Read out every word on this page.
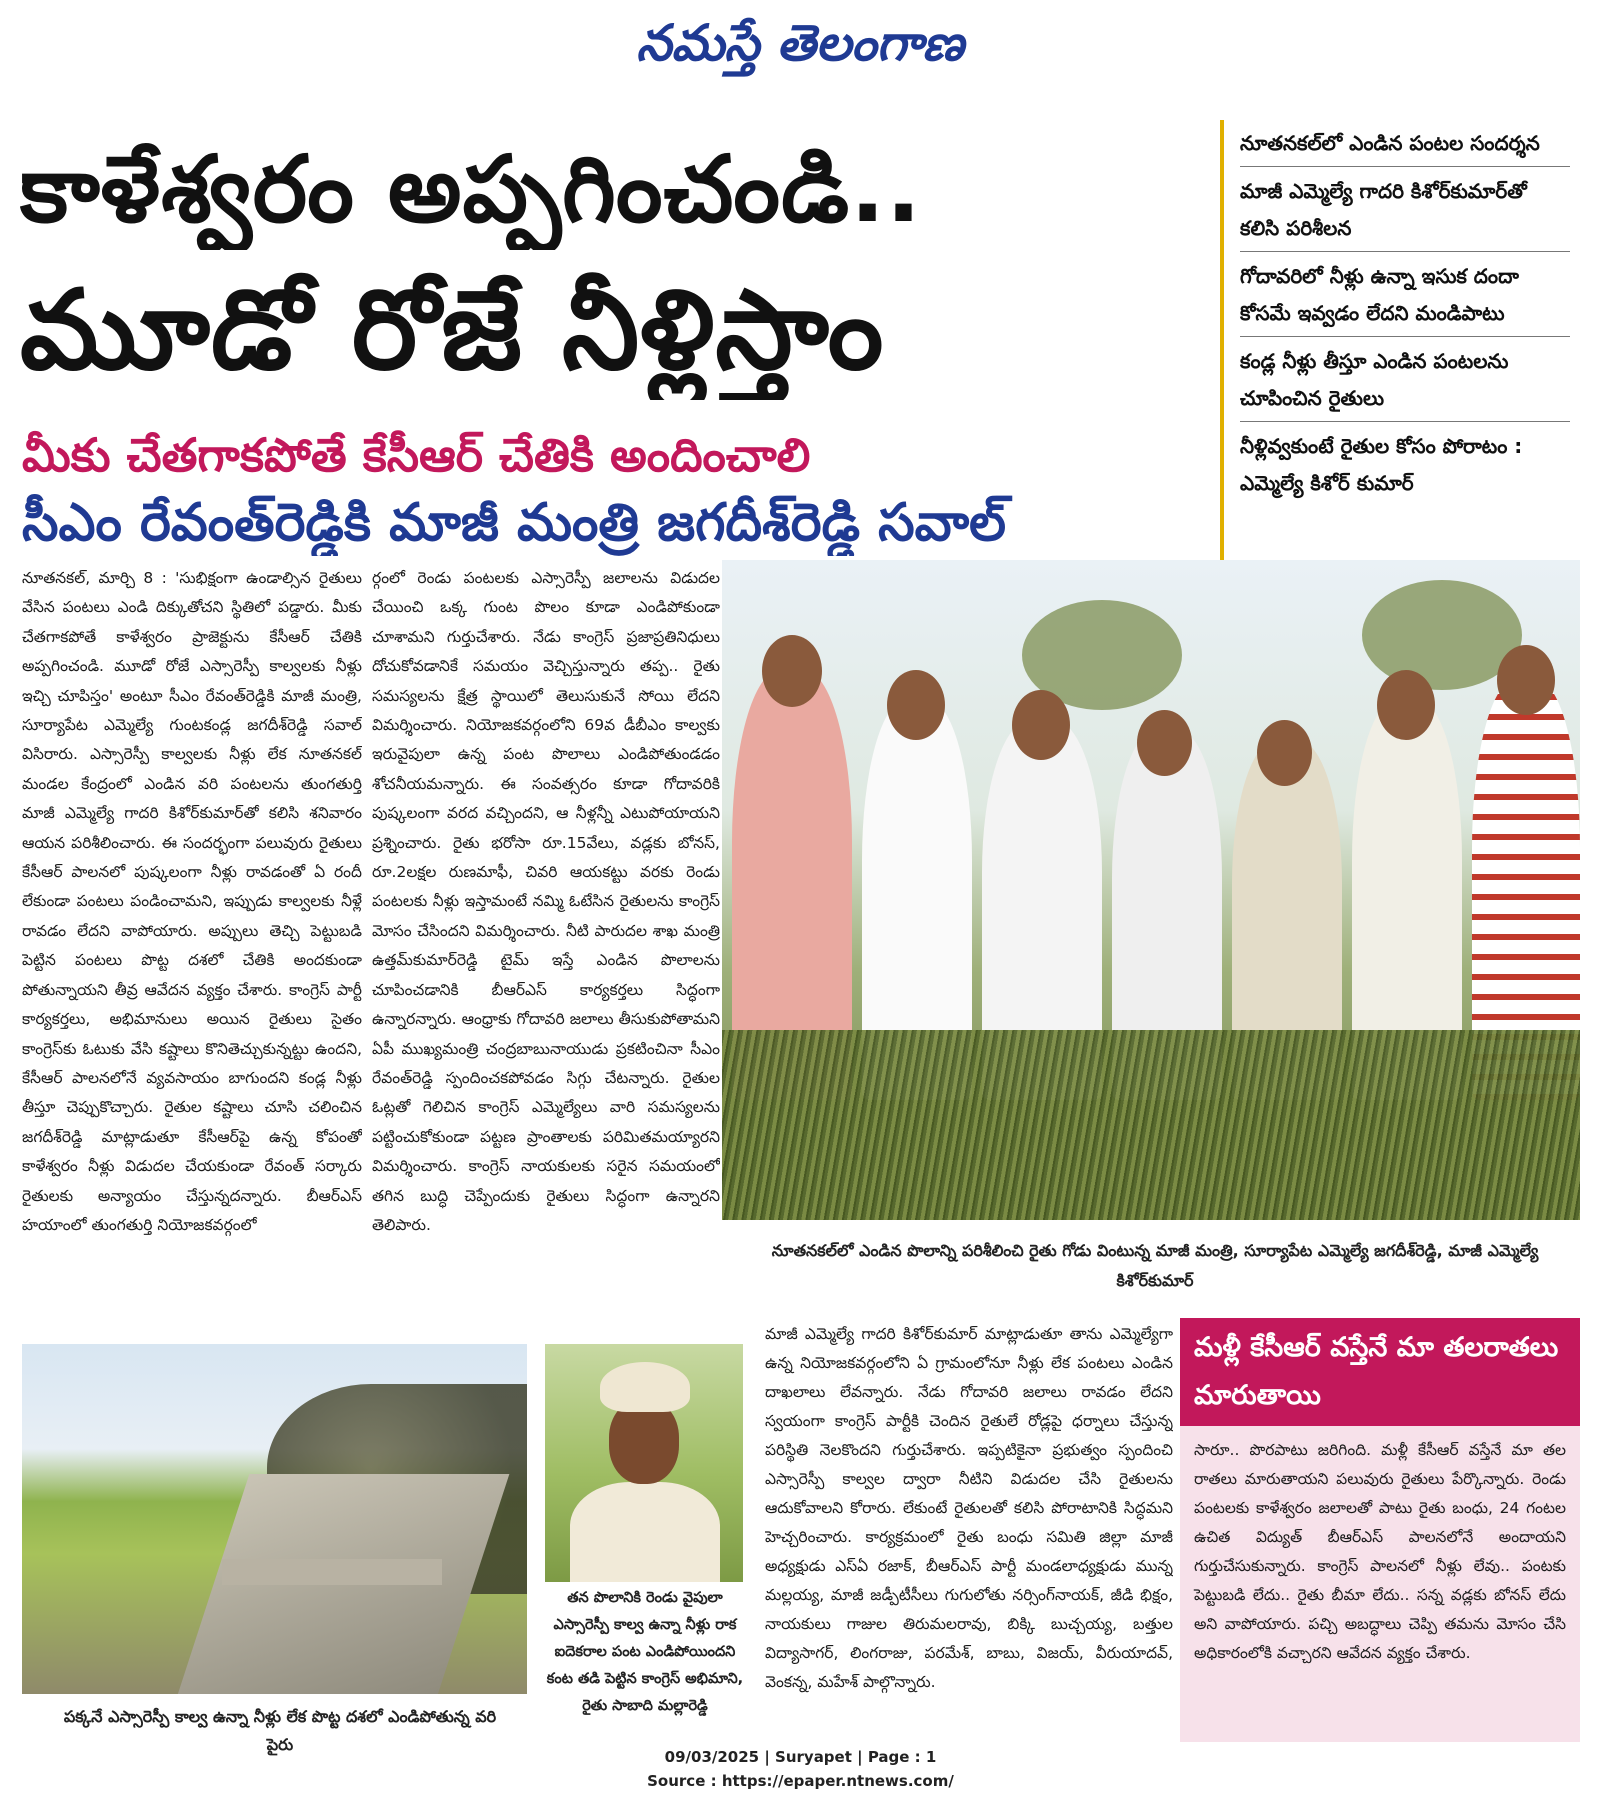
నమస్తే తెలంగాణ
కాళేశ్వరం అప్పగించండి..
మూడో రోజే నీళ్లిస్తాం
మీకు చేతగాకపోతే కేసీఆర్ చేతికి అందించాలి
సీఎం రేవంత్‌రెడ్డికి మాజీ మంత్రి జగదీశ్‌రెడ్డి సవాల్
నూతనకల్‌లో ఎండిన పంటల సందర్శన
మాజీ ఎమ్మెల్యే గాదరి కిశోర్‌కుమార్‌తో కలిసి పరిశీలన
గోదావరిలో నీళ్లు ఉన్నా ఇసుక దందా కోసమే ఇవ్వడం లేదని మండిపాటు
కండ్ల నీళ్లు తీస్తూ ఎండిన పంటలను చూపించిన రైతులు
నీళ్లివ్వకుంటే రైతుల కోసం పోరాటం : ఎమ్మెల్యే కిశోర్ కుమార్
నూతనకల్, మార్చి 8 : 'సుభిక్షంగా ఉండాల్సిన రైతులు వేసిన పంటలు ఎండి దిక్కుతోచని స్థితిలో పడ్డారు. మీకు చేతగాకపోతే కాళేశ్వరం ప్రాజెక్టును కేసీఆర్ చేతికి అప్పగించండి. మూడో రోజే ఎస్సారెస్పీ కాల్వలకు నీళ్లు ఇచ్చి చూపిస్తం' అంటూ సీఎం రేవంత్‌రెడ్డికి మాజీ మంత్రి, సూర్యాపేట ఎమ్మెల్యే గుంటకండ్ల జగదీశ్‌రెడ్డి సవాల్ విసిరారు. ఎస్సారెస్పీ కాల్వలకు నీళ్లు లేక నూతనకల్ మండల కేంద్రంలో ఎండిన వరి పంటలను తుంగతుర్తి మాజీ ఎమ్మెల్యే గాదరి కిశోర్‌కుమార్‌తో కలిసి శనివారం ఆయన పరిశీలించారు. ఈ సందర్భంగా పలువురు రైతులు కేసీఆర్ పాలనలో పుష్కలంగా నీళ్లు రావడంతో ఏ రందీ లేకుండా పంటలు పండించామని, ఇప్పుడు కాల్వలకు నీళ్లే రావడం లేదని వాపోయారు. అప్పులు తెచ్చి పెట్టుబడి పెట్టిన పంటలు పొట్ట దశలో చేతికి అందకుండా పోతున్నాయని తీవ్ర ఆవేదన వ్యక్తం చేశారు. కాంగ్రెస్ పార్టీ కార్యకర్తలు, అభిమానులు అయిన రైతులు సైతం కాంగ్రెస్‌కు ఓటుకు వేసి కష్టాలు కొనితెచ్చుకున్నట్టు ఉందని, కేసీఆర్ పాలనలోనే వ్యవసాయం బాగుందని కండ్ల నీళ్లు తీస్తూ చెప్పుకొచ్చారు. రైతుల కష్టాలు చూసి చలించిన జగదీశ్‌రెడ్డి మాట్లాడుతూ కేసీఆర్‌పై ఉన్న కోపంతో కాళేశ్వరం నీళ్లు విడుదల చేయకుండా రేవంత్ సర్కారు రైతులకు అన్యాయం చేస్తున్నదన్నారు. బీఆర్‌ఎస్ హయాంలో తుంగతుర్తి నియోజకవర్గంలో
ర్గంలో రెండు పంటలకు ఎస్సారెస్పీ జలాలను విడుదల చేయించి ఒక్క గుంట పొలం కూడా ఎండిపోకుండా చూశామని గుర్తుచేశారు. నేడు కాంగ్రెస్ ప్రజాప్రతినిధులు దోచుకోవడానికే సమయం వెచ్చిస్తున్నారు తప్ప.. రైతు సమస్యలను క్షేత్ర స్థాయిలో తెలుసుకునే సోయి లేదని విమర్శించారు. నియోజకవర్గంలోని 69వ డీబీఎం కాల్వకు ఇరువైపులా ఉన్న పంట పొలాలు ఎండిపోతుండడం శోచనీయమన్నారు. ఈ సంవత్సరం కూడా గోదావరికి పుష్కలంగా వరద వచ్చిందని, ఆ నీళ్లన్నీ ఎటుపోయాయని ప్రశ్నించారు. రైతు భరోసా రూ.15వేలు, వడ్లకు బోనస్, రూ.2లక్షల రుణమాఫీ, చివరి ఆయకట్టు వరకు రెండు పంటలకు నీళ్లు ఇస్తామంటే నమ్మి ఓటేసిన రైతులను కాంగ్రెస్ మోసం చేసిందని విమర్శించారు. నీటి పారుదల శాఖ మంత్రి ఉత్తమ్‌కుమార్‌రెడ్డి టైమ్ ఇస్తే ఎండిన పొలాలను చూపించడానికి బీఆర్‌ఎస్ కార్యకర్తలు సిద్ధంగా ఉన్నారన్నారు. ఆంధ్రాకు గోదావరి జలాలు తీసుకుపోతామని ఏపీ ముఖ్యమంత్రి చంద్రబాబునాయుడు ప్రకటించినా సీఎం రేవంత్‌రెడ్డి స్పందించకపోవడం సిగ్గు చేటన్నారు. రైతుల ఓట్లతో గెలిచిన కాంగ్రెస్ ఎమ్మెల్యేలు వారి సమస్యలను పట్టించుకోకుండా పట్టణ ప్రాంతాలకు పరిమితమయ్యారని విమర్శించారు. కాంగ్రెస్ నాయకులకు సరైన సమయంలో తగిన బుద్ధి చెప్పేందుకు రైతులు సిద్ధంగా ఉన్నారని తెలిపారు.
నూతనకల్‌లో ఎండిన పొలాన్ని పరిశీలించి రైతు గోడు వింటున్న మాజీ మంత్రి, సూర్యాపేట ఎమ్మెల్యే జగదీశ్‌రెడ్డి, మాజీ ఎమ్మెల్యే కిశోర్‌కుమార్
పక్కనే ఎస్సారెస్పీ కాల్వ ఉన్నా నీళ్లు లేక పొట్ట దశలో ఎండిపోతున్న వరి పైరు
తన పొలానికి రెండు వైపులా ఎస్సారెస్పీ కాల్వ ఉన్నా నీళ్లు రాక ఐదెకరాల పంట ఎండిపోయిందని కంట తడి పెట్టిన కాంగ్రెస్ అభిమాని, రైతు సాబాది మల్లారెడ్డి
మాజీ ఎమ్మెల్యే గాదరి కిశోర్‌కుమార్ మాట్లాడుతూ తాను ఎమ్మెల్యేగా ఉన్న నియోజకవర్గంలోని ఏ గ్రామంలోనూ నీళ్లు లేక పంటలు ఎండిన దాఖలాలు లేవన్నారు. నేడు గోదావరి జలాలు రావడం లేదని స్వయంగా కాంగ్రెస్ పార్టీకి చెందిన రైతులే రోడ్లపై ధర్నాలు చేస్తున్న పరిస్థితి నెలకొందని గుర్తుచేశారు. ఇప్పటికైనా ప్రభుత్వం స్పందించి ఎస్సారెస్పీ కాల్వల ద్వారా నీటిని విడుదల చేసి రైతులను ఆదుకోవాలని కోరారు. లేకుంటే రైతులతో కలిసి పోరాటానికి సిద్ధమని హెచ్చరించారు. కార్యక్రమంలో రైతు బంధు సమితి జిల్లా మాజీ అధ్యక్షుడు ఎస్ఏ రజాక్, బీఆర్‌ఎస్ పార్టీ మండలాధ్యక్షుడు మున్న మల్లయ్య, మాజీ జడ్పీటీసీలు గుగులోతు నర్సింగ్‌నాయక్, జీడి భిక్షం, నాయకులు గాజుల తిరుమలరావు, బిక్కి బుచ్చయ్య, బత్తుల విద్యాసాగర్, లింగరాజు, పరమేశ్, బాబు, విజయ్, వీరుయాదవ్, వెంకన్న, మహేశ్ పాల్గొన్నారు.
మళ్లీ కేసీఆర్ వస్తేనే మా తలరాతలు మారుతాయి
సారూ.. పొరపాటు జరిగింది. మళ్లీ కేసీఆర్ వస్తేనే మా తల రాతలు మారుతాయని పలువురు రైతులు పేర్కొన్నారు. రెండు పంటలకు కాళేశ్వరం జలాలతో పాటు రైతు బంధు, 24 గంటల ఉచిత విద్యుత్ బీఆర్‌ఎస్ పాలనలోనే అందాయని గుర్తుచేసుకున్నారు. కాంగ్రెస్ పాలనలో నీళ్లు లేవు.. పంటకు పెట్టుబడి లేదు.. రైతు బీమా లేదు.. సన్న వడ్లకు బోనస్ లేదు అని వాపోయారు. పచ్చి అబద్ధాలు చెప్పి తమను మోసం చేసి అధికారంలోకి వచ్చారని ఆవేదన వ్యక్తం చేశారు.
09/03/2025 | Suryapet | Page : 1
Source : https://epaper.ntnews.com/
